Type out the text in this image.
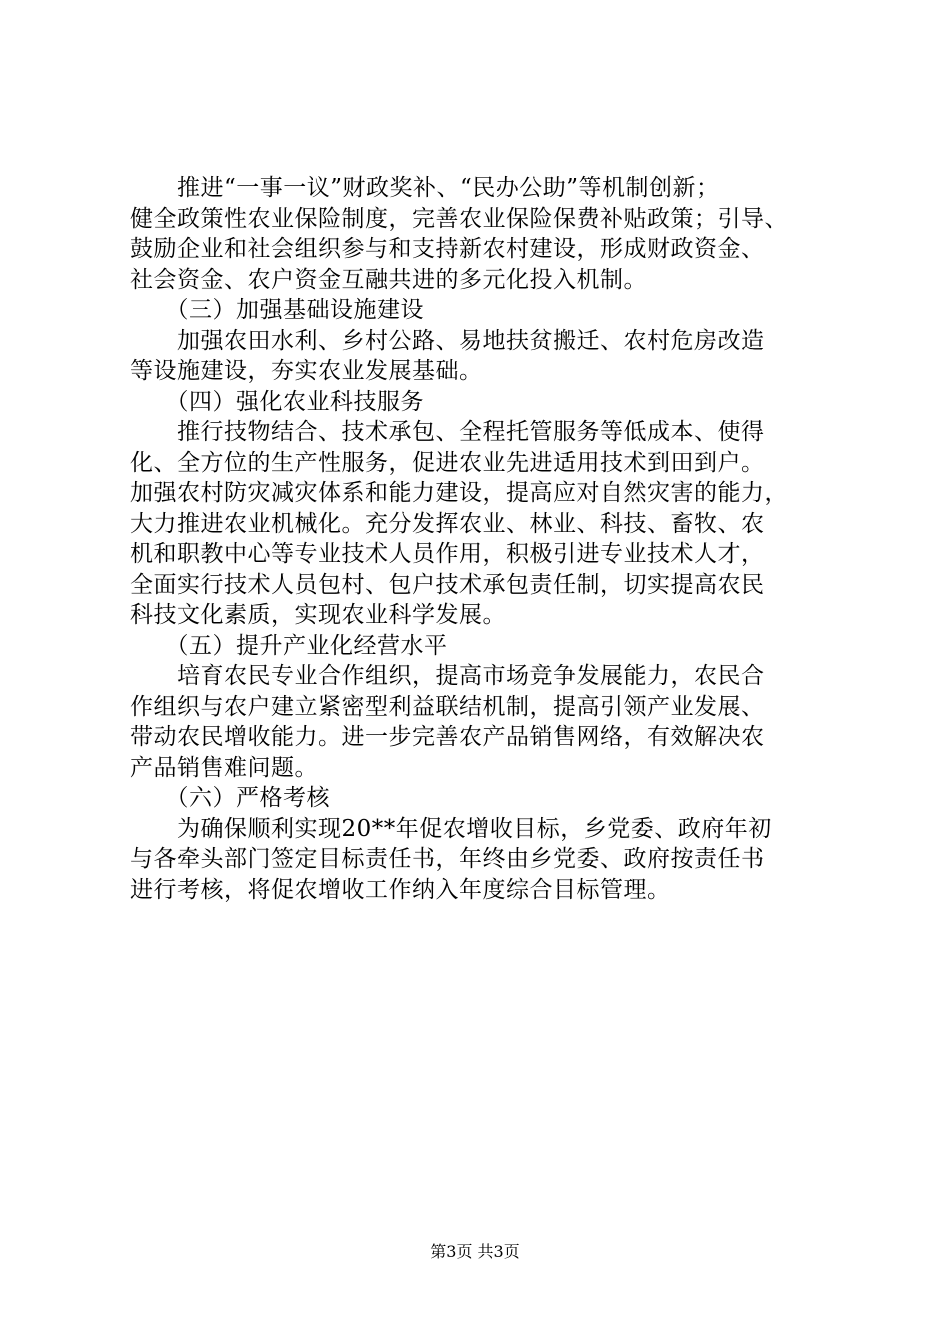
　　推进“一事一议”财政奖补、“民办公助”等机制创新；
健全政策性农业保险制度，完善农业保险保费补贴政策；引导、
鼓励企业和社会组织参与和支持新农村建设，形成财政资金、
社会资金、农户资金互融共进的多元化投入机制。
　　（三）加强基础设施建设
　　加强农田水利、乡村公路、易地扶贫搬迁、农村危房改造
等设施建设，夯实农业发展基础。
　　（四）强化农业科技服务
　　推行技物结合、技术承包、全程托管服务等低成本、使得
化、全方位的生产性服务，促进农业先进适用技术到田到户。
加强农村防灾减灾体系和能力建设，提高应对自然灾害的能力，
大力推进农业机械化。充分发挥农业、林业、科技、畜牧、农
机和职教中心等专业技术人员作用，积极引进专业技术人才，
全面实行技术人员包村、包户技术承包责任制，切实提高农民
科技文化素质，实现农业科学发展。
　　（五）提升产业化经营水平
　　培育农民专业合作组织，提高市场竞争发展能力，农民合
作组织与农户建立紧密型利益联结机制，提高引领产业发展、
带动农民增收能力。进一步完善农产品销售网络，有效解决农
产品销售难问题。
　　（六）严格考核
　　为确保顺利实现20**年促农增收目标，乡党委、政府年初
与各牵头部门签定目标责任书，年终由乡党委、政府按责任书
进行考核，将促农增收工作纳入年度综合目标管理。
第3页 共3页
